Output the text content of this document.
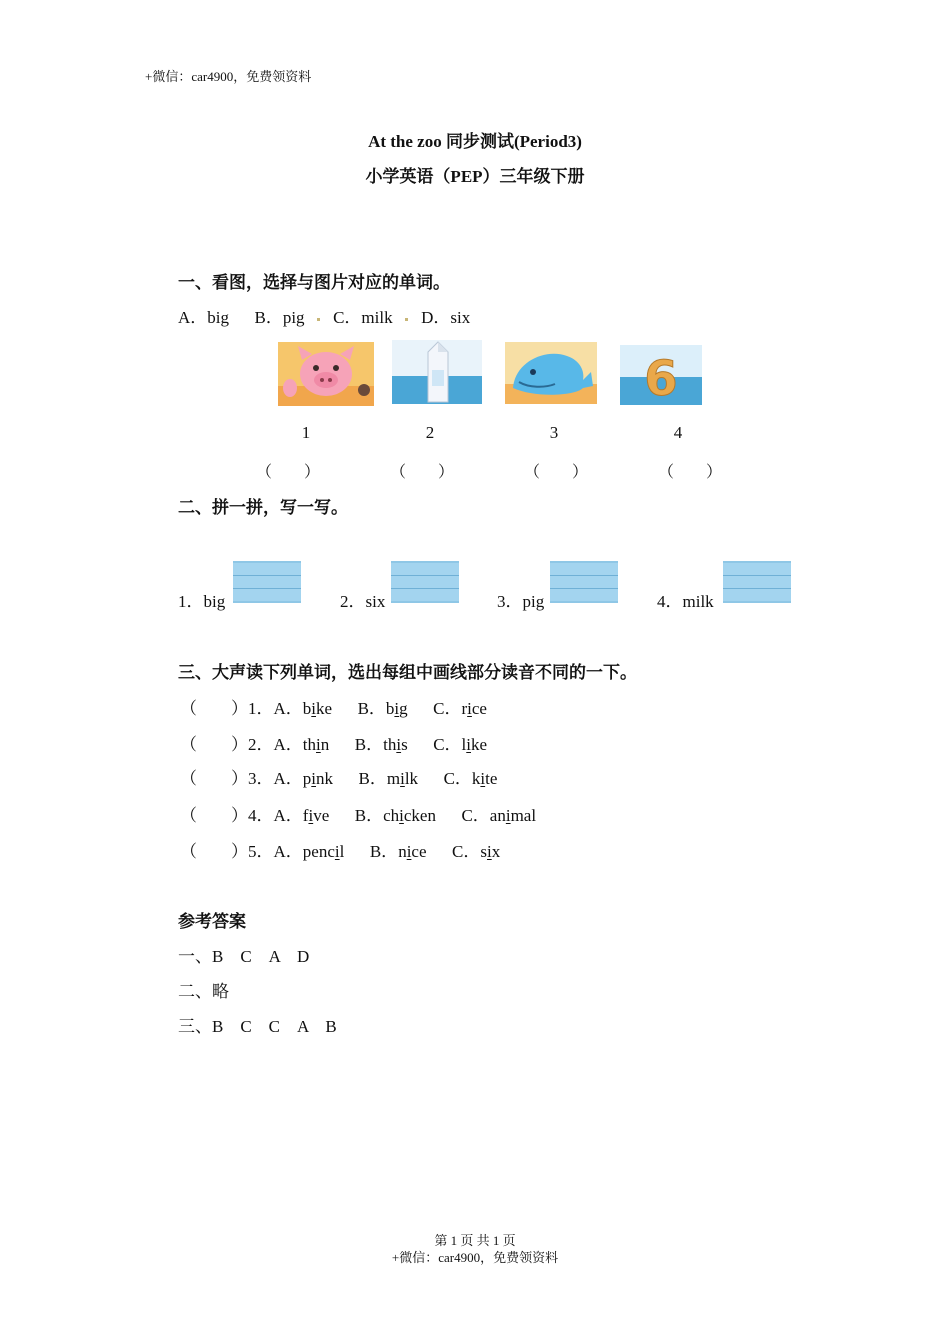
+微信：car4900，免费领资料
At the zoo 同步测试(Period3)
小学英语（PEP）三年级下册
一、看图，选择与图片对应的单词。
A．big B．pig C．milk D．six
6
1	2	3	4
（　　）	（　　）	（　　）	（　　）
二、拼一拼，写一写。
1．big	2．six	3．pig	4．milk
三、大声读下列单词，选出每组中画线部分读音不同的一下。
（　　）1．A．bike B．big C．rice
（　　）2．A．thin B．this C．like
（　　）3．A．pink B．milk C．kite
（　　）4．A．five B．chicken C．animal
（　　）5．A．pencil B．nice C．six
参考答案
一、B　C　A　D
二、略
三、B　C　C　A　B
第 1 页 共 1 页
+微信：car4900，免费领资料
